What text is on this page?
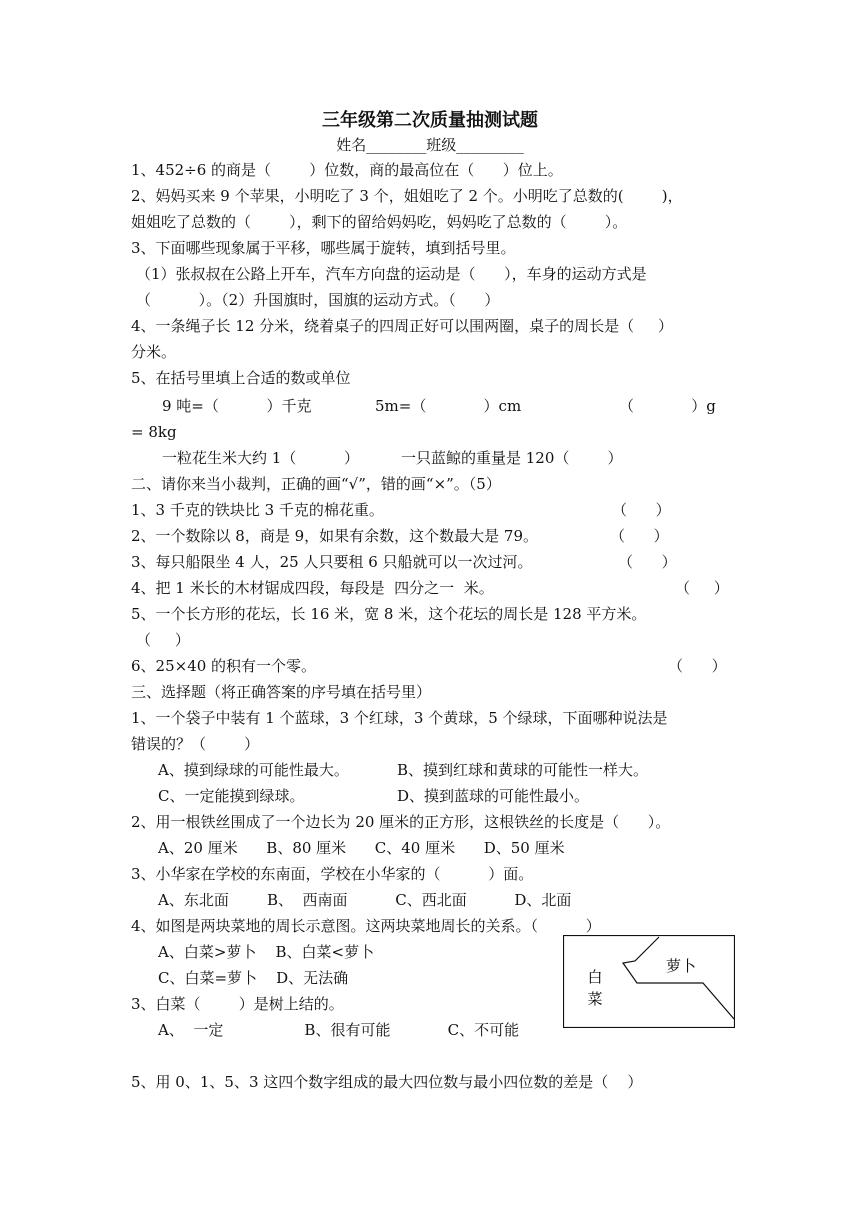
三年级第二次质量抽测试题
姓名________班级_________
1、452÷6 的商是（        ）位数，商的最高位在（      ）位上。
2、妈妈买来 9 个苹果，小明吃了 3 个，姐姐吃了 2 个。小明吃了总数的(        )，
姐姐吃了总数的（        ），剩下的留给妈妈吃，妈妈吃了总数的（        ）。
3、下面哪些现象属于平移，哪些属于旋转，填到括号里。
（1）张叔叔在公路上开车，汽车方向盘的运动是（      ），车身的运动方式是
（          ）。（2）升国旗时，国旗的运动方式。（      ）
4、一条绳子长 12 分米，绕着桌子的四周正好可以围两圈，桌子的周长是（     ）
分米。
5、在括号里填上合适的数或单位
9 吨=（          ）千克	5m=（            ）cm	（            ）g
= 8kg
一粒花生米大约 1（          ）	一只蓝鲸的重量是 120（        ）
二、请你来当小裁判，正确的画“√”，错的画“×”。（5）
1、3 千克的铁块比 3 千克的棉花重。	（      ）
2、一个数除以 8，商是 9，如果有余数，这个数最大是 79。	（      ）
3、每只船限坐 4 人，25 人只要租 6 只船就可以一次过河。	（      ）
4、把 1 米长的木材锯成四段，每段是  四分之一  米。	（     ）
5、一个长方形的花坛，长 16 米，宽 8 米，这个花坛的周长是 128 平方米。
（     ）
6、25×40 的积有一个零。	（      ）
三、选择题（将正确答案的序号填在括号里）
1、一个袋子中装有 1 个蓝球，3 个红球，3 个黄球，5 个绿球，下面哪种说法是
错误的？（        ）
A、摸到绿球的可能性最大。	B、摸到红球和黄球的可能性一样大。
C、一定能摸到绿球。	D、摸到蓝球的可能性最小。
2、用一根铁丝围成了一个边长为 20 厘米的正方形，这根铁丝的长度是（      ）。
A、20 厘米      B、80 厘米      C、40 厘米      D、50 厘米
3、小华家在学校的东南面，学校在小华家的（          ）面。
A、东北面        B、  西南面          C、西北面          D、北面
4、如图是两块菜地的周长示意图。这两块菜地周长的关系。（          ）
A、白菜>萝卜    B、白菜<萝卜
C、白菜=萝卜    D、无法确
3、白菜（        ）是树上结的。
A、  一定                 B、很有可能            C、不可能
5、用 0、1、5、3 这四个数字组成的最大四位数与最小四位数的差是（    ）
白
菜
萝卜
